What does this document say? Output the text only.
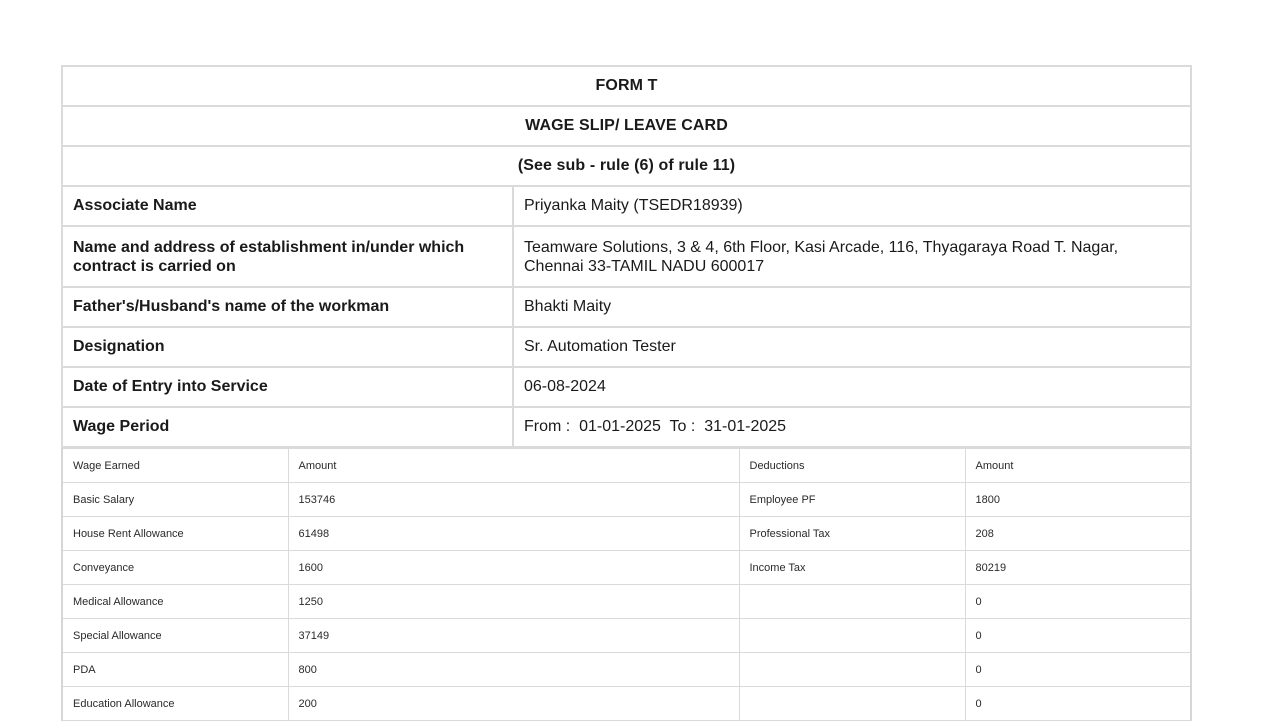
FORM T	
WAGE SLIP/ LEAVE CARD	
(See sub - rule (6) of rule 11)	
Associate Name	Priyanka Maity (TSEDR18939)
Name and address of establishment in/under which contract is carried on	Teamware Solutions, 3 & 4, 6th Floor, Kasi Arcade, 116, Thyagaraya Road T. Nagar, Chennai 33-TAMIL NADU 600017
Father's/Husband's name of the workman	Bhakti Maity
Designation	Sr. Automation Tester
Date of Entry into Service	06-08-2024
Wage Period	From :  01-01-2025  To :  31-01-2025
Wage Earned	Amount	Deductions	Amount
Basic Salary	153746	Employee PF	1800
House Rent Allowance	61498	Professional Tax	208
Conveyance	1600	Income Tax	80219
Medical Allowance	1250		0
Special Allowance	37149		0
PDA	800		0
Education Allowance	200		0
